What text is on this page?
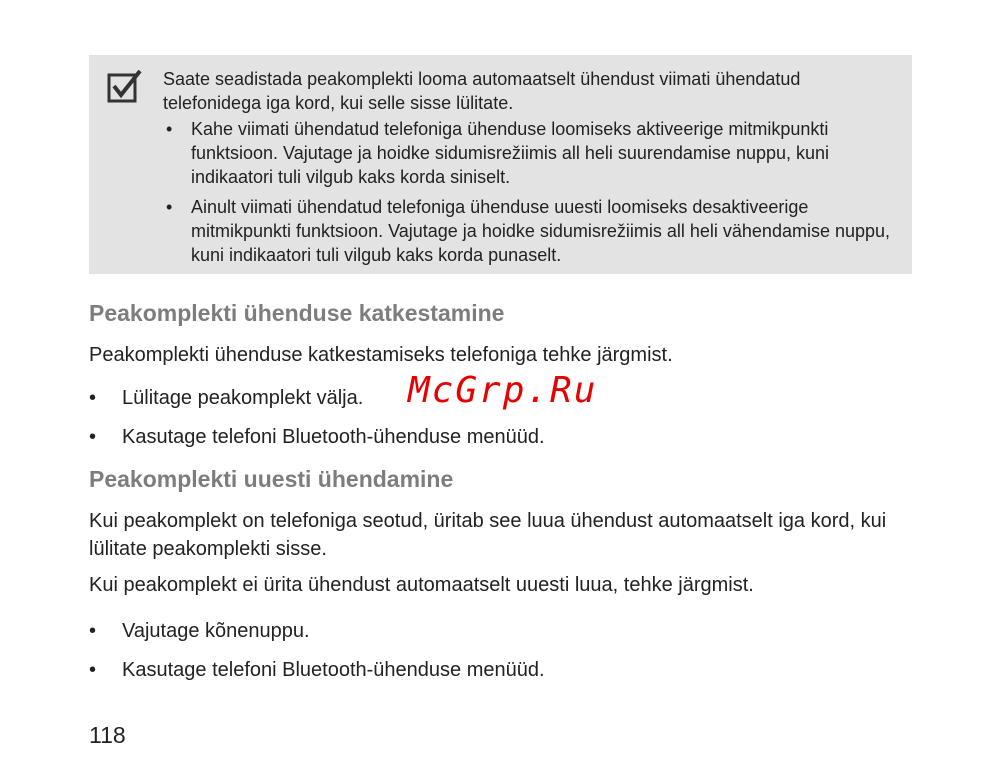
Saate seadistada peakomplekti looma automaatselt ühendust viimati ühendatud telefonidega iga kord, kui selle sisse lülitate.

• Kahe viimati ühendatud telefoniga ühenduse loomiseks aktiveerige mitmikpunkti funktsioon. Vajutage ja hoidke sidumisrežiimis all heli suurendamise nuppu, kuni indikaatori tuli vilgub kaks korda siniselt.
• Ainult viimati ühendatud telefoniga ühenduse uuesti loomiseks desaktiveerige mitmikpunkti funktsioon. Vajutage ja hoidke sidumisrežiimis all heli vähendamise nuppu, kuni indikaatori tuli vilgub kaks korda punaselt.
Peakomplekti ühenduse katkestamine

Peakomplekti ühenduse katkestamiseks telefoniga tehke järgmist.

• Lülitage peakomplekt välja.
• Kasutage telefoni Bluetooth-ühenduse menüüd.
Peakomplekti uuesti ühendamine

Kui peakomplekt on telefoniga seotud, üritab see luua ühendust automaatselt iga kord, kui lülitate peakomplekti sisse.

Kui peakomplekt ei ürita ühendust automaatselt uuesti luua, tehke järgmist.

• Vajutage kõnenuppu.
• Kasutage telefoni Bluetooth-ühenduse menüüd.
McGrp.Ru
118
